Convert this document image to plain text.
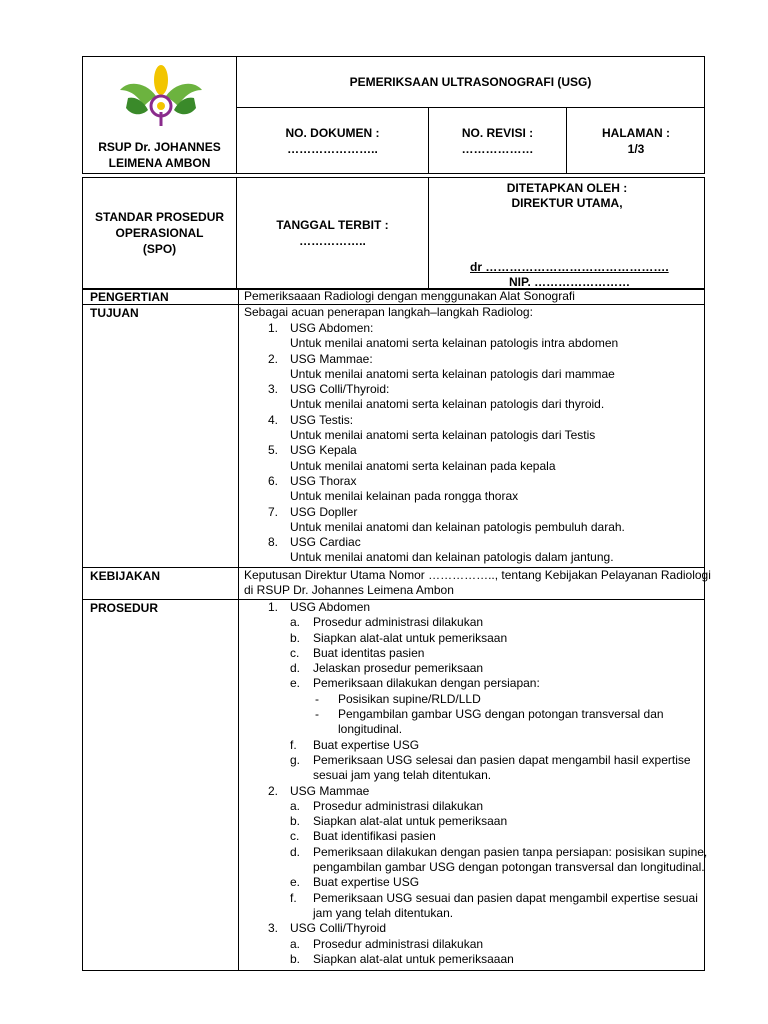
RSUP Dr. JOHANNES LEIMENA AMBON
PEMERIKSAAN ULTRASONOGRAFI (USG)
NO. DOKUMEN :
…………………..
NO. REVISI :
………………
HALAMAN :
1/3
STANDAR PROSEDUR
OPERASIONAL
(SPO)
TANGGAL TERBIT :
……………..
DITETAPKAN OLEH :
DIREKTUR UTAMA,
dr ……………………………………….
NIP. ……………………
PENGERTIAN	Pemeriksaaan Radiologi dengan menggunakan Alat Sonografi
TUJUAN	Sebagai acuan penerapan langkah–langkah Radiolog:
1. USG Abdomen:
Untuk menilai anatomi serta kelainan patologis intra abdomen
2. USG Mammae:
Untuk menilai anatomi serta kelainan patologis dari mammae
3. USG Colli/Thyroid:
Untuk menilai anatomi serta kelainan patologis dari thyroid.
4. USG Testis:
Untuk menilai anatomi serta kelainan patologis dari Testis
5. USG Kepala
Untuk menilai anatomi serta kelainan pada kepala
6. USG Thorax
Untuk menilai kelainan pada rongga thorax
7. USG Dopller
Untuk menilai anatomi dan kelainan patologis pembuluh darah.
8. USG Cardiac
Untuk menilai anatomi dan kelainan patologis dalam jantung.
KEBIJAKAN	Keputusan Direktur Utama Nomor …………….., tentang Kebijakan Pelayanan Radiologi
di RSUP Dr. Johannes Leimena Ambon
PROSEDUR	1. USG Abdomen
a. Prosedur administrasi dilakukan
b. Siapkan alat-alat untuk pemeriksaan
c. Buat identitas pasien
d. Jelaskan prosedur pemeriksaan
e. Pemeriksaan dilakukan dengan persiapan:
- Posisikan supine/RLD/LLD
- Pengambilan gambar USG dengan potongan transversal dan
longitudinal.
f. Buat expertise USG
g. Pemeriksaan USG selesai dan pasien dapat mengambil hasil expertise
sesuai jam yang telah ditentukan.
2. USG Mammae
a. Prosedur administrasi dilakukan
b. Siapkan alat-alat untuk pemeriksaan
c. Buat identifikasi pasien
d. Pemeriksaan dilakukan dengan pasien tanpa persiapan: posisikan supine,
pengambilan gambar USG dengan potongan transversal dan longitudinal.
e. Buat expertise USG
f. Pemeriksaan USG sesuai dan pasien dapat mengambil expertise sesuai
jam yang telah ditentukan.
3. USG Colli/Thyroid
a. Prosedur administrasi dilakukan
b. Siapkan alat-alat untuk pemeriksaaan
